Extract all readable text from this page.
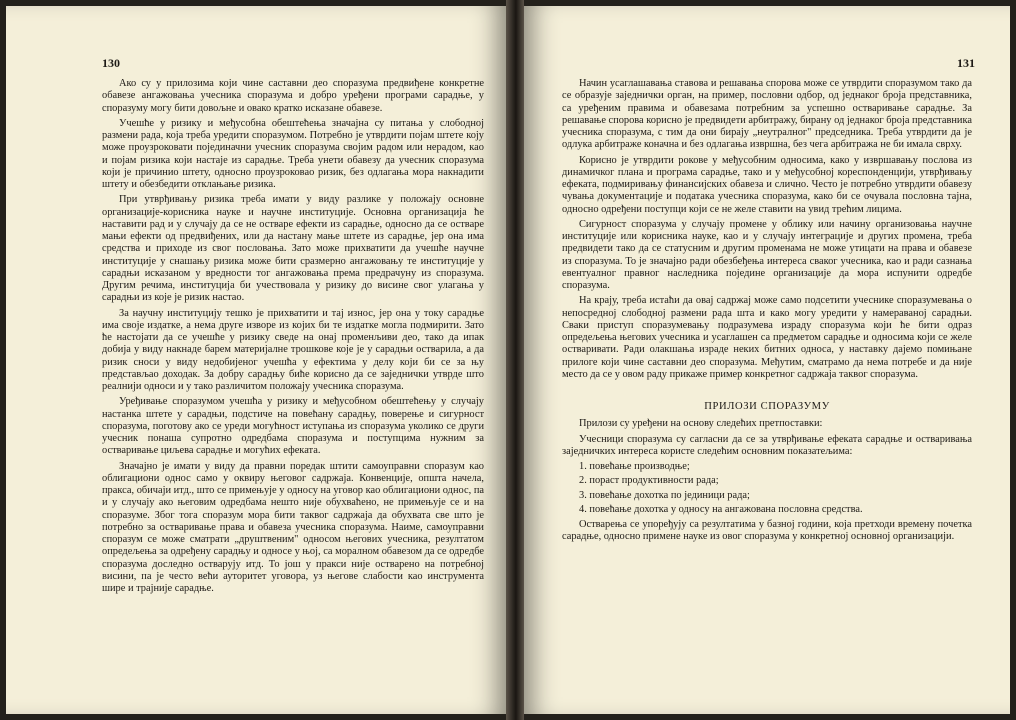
130

Ако су у прилозима који чине саставни део споразума предвиђене конкретне обавезе ангажовања учесника споразума и добро уређени програми сарадње, у споразуму могу бити довољне и овако кратко исказане обавезе.

Учешће у ризику и међусобна обештећења значајна су питања у слободној размени рада, која треба уредити споразумом. Потребно је утврдити појам штете коју може проузроковати појединачни учесник споразума својим радом или нерадом, као и појам ризика који настаје из сарадње. Треба унети обавезу да учесник споразума који је причинио штету, односно проузроковао ризик, без одлагања мора накнадити штету и обезбедити отклањање ризика.

При утврђивању ризика треба имати у виду разлике у положају основне организације-корисника науке и научне институције. Основна организација ће наставити рад и у случају да се не остваре ефекти из сарадње, односно да се остваре мањи ефекти од предвиђених, или да настану мање штете из сарадње, јер она има средства и приходе из свог пословања. Зато може прихватити да учешће научне институције у снашању ризика може бити сразмерно ангажовању те институције у сарадњи исказаном у вредности тог ангажовања према предрачуну из споразума. Другим речима, институција би учествовала у ризику до висине свог улагања у сарадњи из које је ризик настао.

За научну институцију тешко је прихватити и тај износ, јер она у току сарадње има своје издатке, а немa друге изворе из којих би те издатке могла подмирити. Зато ће настојати да се учешће у ризику сведе на онај променљиви део, тако да ипак добија у виду накнаде барем материјалне трошкове које је у сарадњи остварила, а да ризик сноси у виду недобијеног учешћа у ефектима у делу који би се за њу представљао доходак. За добру сарадњу биће корисно да се заједнички утврде што реалнији односи и у тако различитом положају учесника споразума.

Уређивање споразумом учешћа у ризику и међусобном обештећењу у случају настанка штете у сарадњи, подстиче на повећану сарадњу, поверење и сигурност споразума, поготову ако се уреди могућност иступања из споразума уколико се други учесник понаша супротно одредбама споразума и поступцима нужним за остваривање циљева сарадње и могућих ефеката.

Значајно је имати у виду да правни поредак штити самоуправни споразум као облигациони однос само у оквиру његовог садржаја. Конвенције, општа начела, пракса, обичаји итд., што се примењује у односу на уговор као облигациони однос, па и у случају ако његовим одредбама нешто није обухваћено, не примењује се и на споразуме. Због тога споразум мора бити таквог садржаја да обухвата све што је потребно за остваривање права и обавеза учесника споразума. Наиме, самоуправни споразум се може сматрати „друштвеним" односом његових учесника, резултатом опредељења за одређену сарадњу и односе у њој, са моралном обавезом да се одредбе споразума доследно остварују итд. То још у пракси није остварено на потребној висини, па је често већи ауторитет уговора, уз његове слабости као инструмента шире и трајније сарадње.

131

Начин усаглашавања ставова и решавања спорова може се утврдити споразумом тако да се образује заједнички орган, на пример, пословни одбор, од једнаког броја представника, са уређеним правима и обавезама потребним за успешно остваривање сарадње. За решавање спорова корисно је предвидети арбитражу, бирану од једнаког броја представника учесника споразума, с тим да они бирају „неутралног" председника. Треба утврдити да је одлука арбитраже коначна и без одлагања извршна, без чега арбитража не би имала сврху.

Корисно је утврдити рокове у међусобним односима, како у извршавању послова из динамичког плана и програма сарадње, тако и у међусобној кореспонденцији, утврђивању ефеката, подмиривању финансијских обавеза и слично. Често је потребно утврдити обавезу чувања документације и података учесника споразума, како би се очувала пословна тајна, односно одређени поступци који се не желе ставити на увид трећим лицима.

Сигурност споразума у случају промене у облику или начину организовања научне институције или корисника науке, као и у случају интеграције и других промена, треба предвидети тако да се статусним и другим променама не може утицати на права и обавезе из споразума. То је значајно ради обезбеђења интереса сваког учесника, као и ради сазнања евентуалног правног наследника појединe организације да мора испунити одредбе споразума.

На крају, треба истаћи да овај садржај може само подсетити учеснике споразумевања о непосредној слободној размени рада шта и како могу уредити у намераваној сарадњи. Сваки приступ споразумевању подразумева израду споразума који ће бити одраз опредељења његових учесника и усаглашен са предметом сарадње и односима који се желе остваривати. Ради олакшања израде неких битних односа, у наставку дајемо помињане прилоге који чине саставни део споразума. Међутим, сматрамо да нема потребе и да није место да се у овом раду прикаже пример конкретног садржаја таквог споразума.

ПРИЛОЗИ СПОРАЗУМУ

Прилози су уређени на основу следећих претпоставки:

Учесници споразума су сагласни да се за утврђивање ефеката сарадње и остваривања заједничких интереса користе следећим основним показатељима:

1. повећање производње;
2. пораст продуктивности рада;
3. повећање дохотка по јединици рада;
4. повећање дохотка у односу на ангажована пословна средства.

Остварења се упоређују са резултатима у базној години, која претходи времену почетка сарадње, односно примене науке из овог споразума у конкретној основној организацији.
